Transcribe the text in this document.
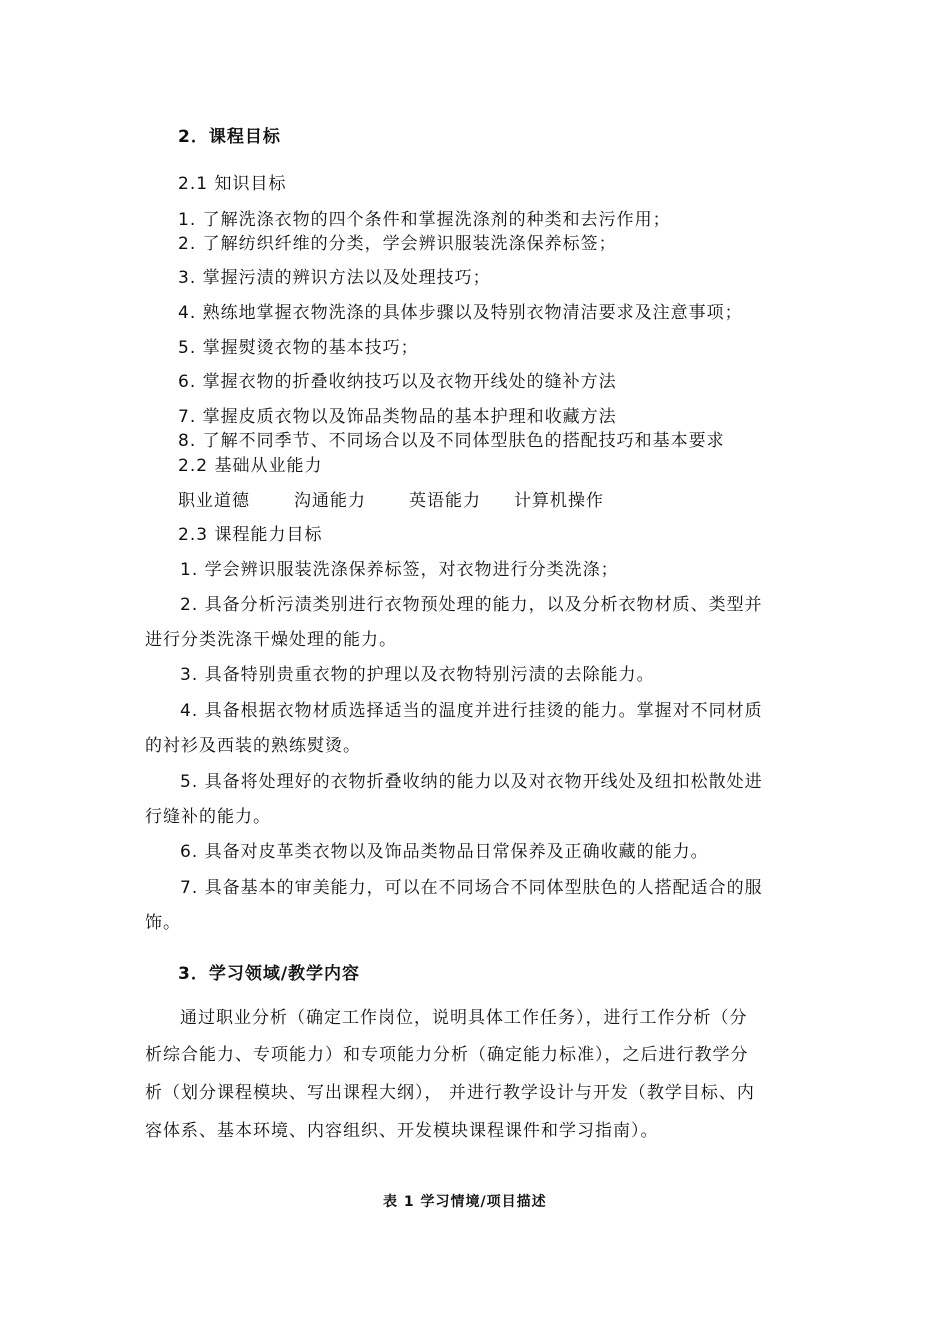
2．课程目标
2.1 知识目标
1. 了解洗涤衣物的四个条件和掌握洗涤剂的种类和去污作用；
2. 了解纺织纤维的分类，学会辨识服装洗涤保养标签；
3. 掌握污渍的辨识方法以及处理技巧；
4. 熟练地掌握衣物洗涤的具体步骤以及特别衣物清洁要求及注意事项；
5. 掌握熨烫衣物的基本技巧；
6. 掌握衣物的折叠收纳技巧以及衣物开线处的缝补方法
7. 掌握皮质衣物以及饰品类物品的基本护理和收藏方法
8. 了解不同季节、不同场合以及不同体型肤色的搭配技巧和基本要求
2.2 基础从业能力
职业道德	沟通能力	英语能力 计算机操作
2.3 课程能力目标
1. 学会辨识服装洗涤保养标签，对衣物进行分类洗涤；
2. 具备分析污渍类别进行衣物预处理的能力，以及分析衣物材质、类型并
进行分类洗涤干燥处理的能力。
3. 具备特别贵重衣物的护理以及衣物特别污渍的去除能力。
4. 具备根据衣物材质选择适当的温度并进行挂烫的能力。掌握对不同材质
的衬衫及西装的熟练熨烫。
5. 具备将处理好的衣物折叠收纳的能力以及对衣物开线处及纽扣松散处进
行缝补的能力。
6. 具备对皮革类衣物以及饰品类物品日常保养及正确收藏的能力。
7. 具备基本的审美能力，可以在不同场合不同体型肤色的人搭配适合的服
饰。
3．学习领域/教学内容
通过职业分析（确定工作岗位，说明具体工作任务），进行工作分析（分
析综合能力、专项能力）和专项能力分析（确定能力标准），之后进行教学分
析（划分课程模块、写出课程大纲）， 并进行教学设计与开发（教学目标、内
容体系、基本环境、内容组织、开发模块课程课件和学习指南）。
表 1 学习情境/项目描述
